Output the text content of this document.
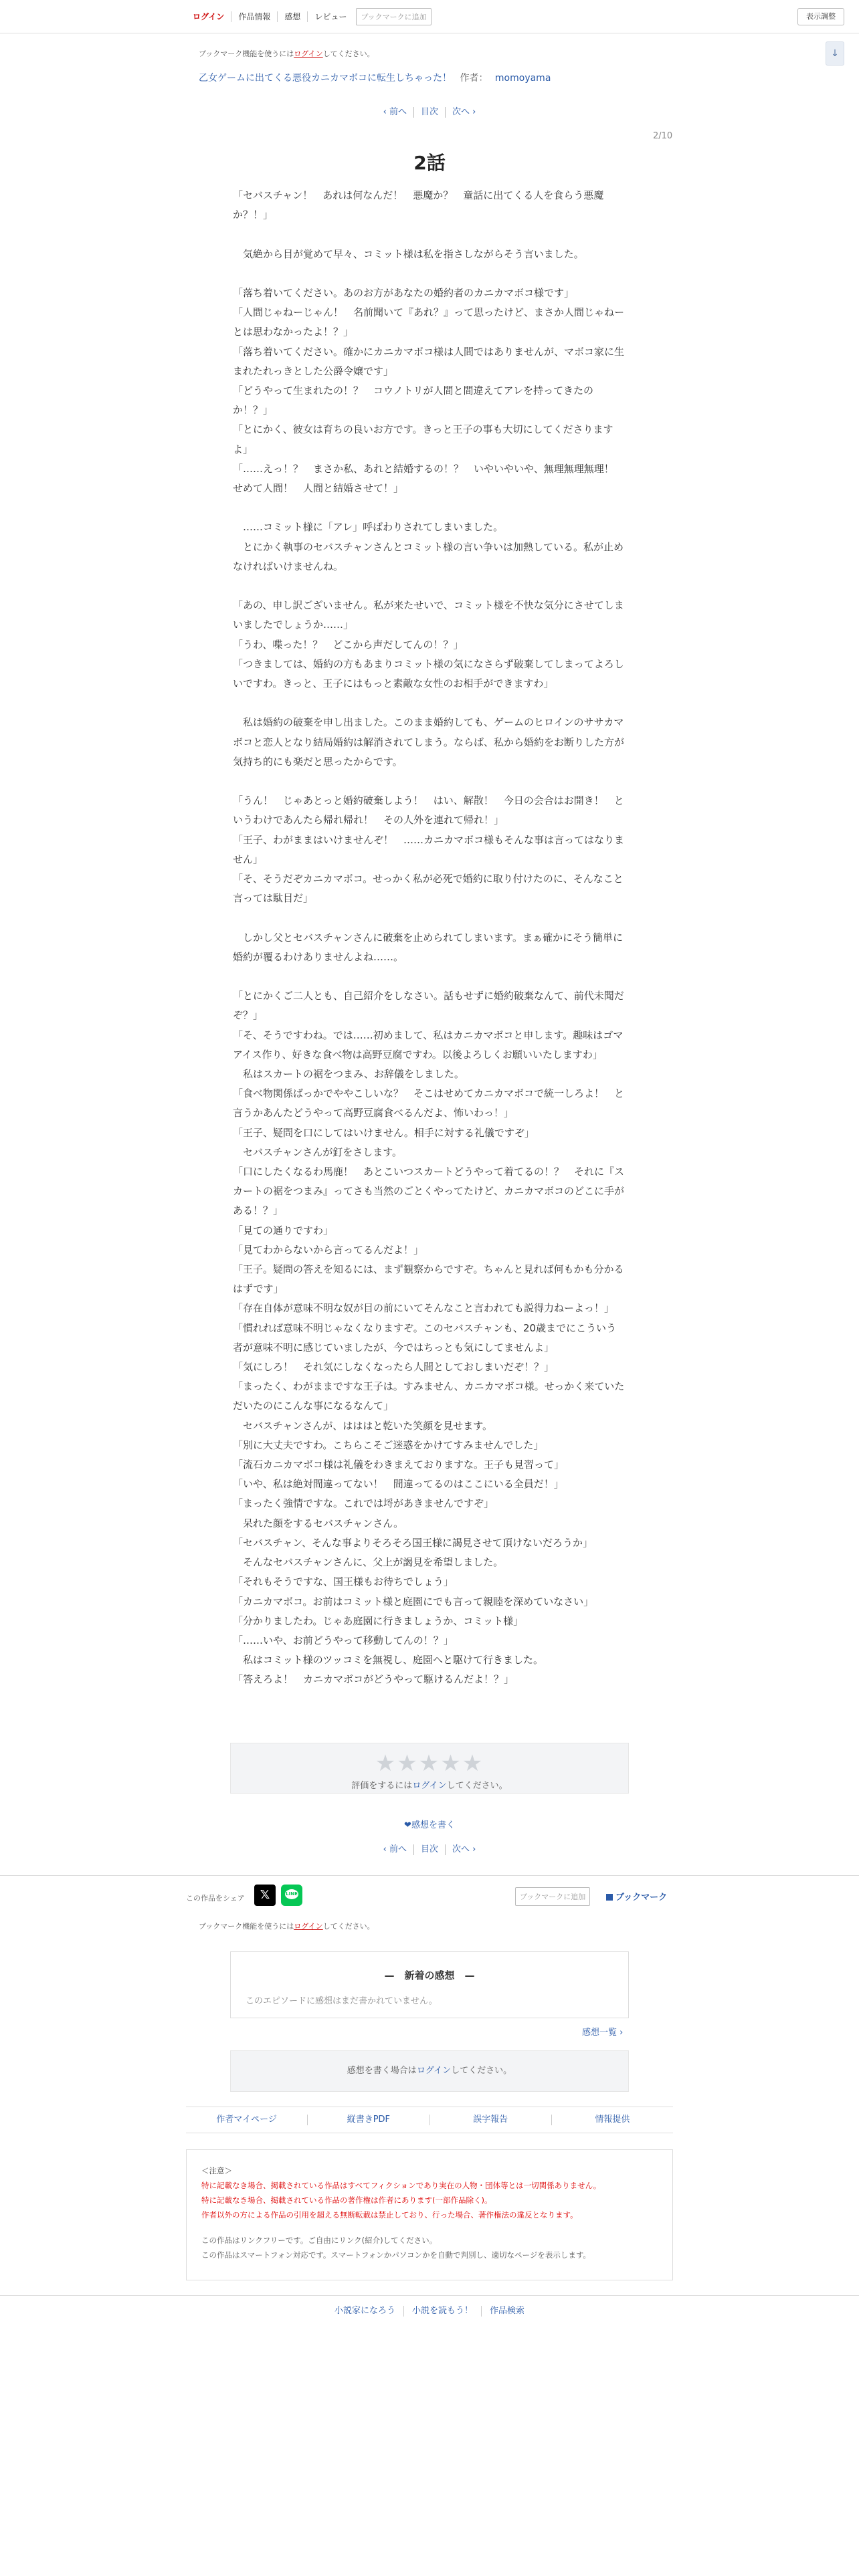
ログイン	作品情報	感想	レビュー	ブックマークに追加	表示調整
ブックマーク機能を使うにはログインしてください。	↓
乙女ゲームに出てくる悪役カニカマボコに転生しちゃった！ 作者： momoyama
‹ 前へ	目次	次へ ›
2/10
2話

「セバスチャン！　あれは何なんだ！　悪魔か？　童話に出てくる人を食らう悪魔か？！」

　気絶から目が覚めて早々、コミット様は私を指さしながらそう言いました。

「落ち着いてください。あのお方があなたの婚約者のカニカマボコ様です」

「人間じゃねーじゃん！　名前聞いて『あれ？』って思ったけど、まさか人間じゃねーとは思わなかったよ！？」

「落ち着いてください。確かにカニカマボコ様は人間ではありませんが、マボコ家に生まれたれっきとした公爵令嬢です」

「どうやって生まれたの！？　コウノトリが人間と間違えてアレを持ってきたのか！？」

「とにかく、彼女は育ちの良いお方です。きっと王子の事も大切にしてくださりますよ」

「……えっ！？　まさか私、あれと結婚するの！？　いやいやいや、無理無理無理！　せめて人間！　人間と結婚させて！」

　……コミット様に「アレ」呼ばわりされてしまいました。

　とにかく執事のセバスチャンさんとコミット様の言い争いは加熱している。私が止めなければいけませんね。

「あの、申し訳ございません。私が来たせいで、コミット様を不快な気分にさせてしまいましたでしょうか……」

「うわ、喋った！？　どこから声だしてんの！？」

「つきましては、婚約の方もあまりコミット様の気になさらず破棄してしまってよろしいですわ。きっと、王子にはもっと素敵な女性のお相手ができますわ」

　私は婚約の破棄を申し出ました。このまま婚約しても、ゲームのヒロインのササカマボコと恋人となり結局婚約は解消されてしまう。ならば、私から婚約をお断りした方が気持ち的にも楽だと思ったからです。

「うん！　じゃあとっと婚約破棄しよう！　はい、解散！　今日の会合はお開き！　というわけであんたら帰れ帰れ！　その人外を連れて帰れ！」

「王子、わがままはいけませんぞ！　……カニカマボコ様もそんな事は言ってはなりません」

「そ、そうだぞカニカマボコ。せっかく私が必死で婚約に取り付けたのに、そんなこと言っては駄目だ」

　しかし父とセバスチャンさんに破棄を止められてしまいます。まぁ確かにそう簡単に婚約が覆るわけありませんよね……。

「とにかくご二人とも、自己紹介をしなさい。話もせずに婚約破棄なんて、前代未聞だぞ？」

「そ、そうですわね。では……初めまして、私はカニカマボコと申します。趣味はゴマアイス作り、好きな食べ物は高野豆腐ですわ。以後よろしくお願いいたしますわ」

　私はスカートの裾をつまみ、お辞儀をしました。

「食べ物関係ばっかでややこしいな？　そこはせめてカニカマボコで統一しろよ！　と言うかあんたどうやって高野豆腐食べるんだよ、怖いわっ！」

「王子、疑問を口にしてはいけません。相手に対する礼儀ですぞ」

　セバスチャンさんが釘をさします。

「口にしたくなるわ馬鹿！　あとこいつスカートどうやって着てるの！？　それに『スカートの裾をつまみ』ってさも当然のごとくやってたけど、カニカマボコのどこに手がある！？」

「見ての通りですわ」

「見てわからないから言ってるんだよ！」

「王子。疑問の答えを知るには、まず観察からですぞ。ちゃんと見れば何もかも分かるはずです」

「存在自体が意味不明な奴が目の前にいてそんなこと言われても説得力ねーよっ！」

「慣れれば意味不明じゃなくなりますぞ。このセバスチャンも、20歳までにこういう者が意味不明に感じていましたが、今ではちっとも気にしてませんよ」

「気にしろ！　それ気にしなくなったら人間としておしまいだぞ！？」

「まったく、わがままですな王子は。すみません、カニカマボコ様。せっかく来ていただいたのにこんな事になるなんて」

　セバスチャンさんが、はははと乾いた笑顔を見せます。

「別に大丈夫ですわ。こちらこそご迷惑をかけてすみませんでした」

「流石カニカマボコ様は礼儀をわきまえておりますな。王子も見習って」

「いや、私は絶対間違ってない！　間違ってるのはここにいる全員だ！」

「まったく強情ですな。これでは埒があきませんですぞ」

　呆れた顔をするセバスチャンさん。

「セバスチャン、そんな事よりそろそろ国王様に謁見させて頂けないだろうか」

　そんなセバスチャンさんに、父上が謁見を希望しました。

「それもそうですな、国王様もお待ちでしょう」

「カニカマボコ。お前はコミット様と庭園にでも言って親睦を深めていなさい」

「分かりましたわ。じゃあ庭園に行きましょうか、コミット様」

「……いや、お前どうやって移動してんの！？」

　私はコミット様のツッコミを無視し、庭園へと駆けて行きました。

「答えろよ！　カニカマボコがどうやって駆けるんだよ！？」

★★★★★
評価をするにはログインしてください。
❤感想を書く
‹ 前へ	目次	次へ ›
この作品をシェア	𝕏	LINE	ブックマークに追加	ブックマーク
ブックマーク機能を使うにはログインしてください。
—　新着の感想　—
このエピソードに感想はまだ書かれていません。
感想一覧 ›
感想を書く場合はログインしてください。
作者マイページ	縦書きPDF	誤字報告	情報提供
＜注意＞
特に記載なき場合、掲載されている作品はすべてフィクションであり実在の人物・団体等とは一切関係ありません。
特に記載なき場合、掲載されている作品の著作権は作者にあります(一部作品除く)。
作者以外の方による作品の引用を超える無断転載は禁止しており、行った場合、著作権法の違反となります。
この作品はリンクフリーです。ご自由にリンク(紹介)してください。
この作品はスマートフォン対応です。スマートフォンかパソコンかを自動で判別し、適切なページを表示します。
小説家になろう	小説を読もう！	作品検索
